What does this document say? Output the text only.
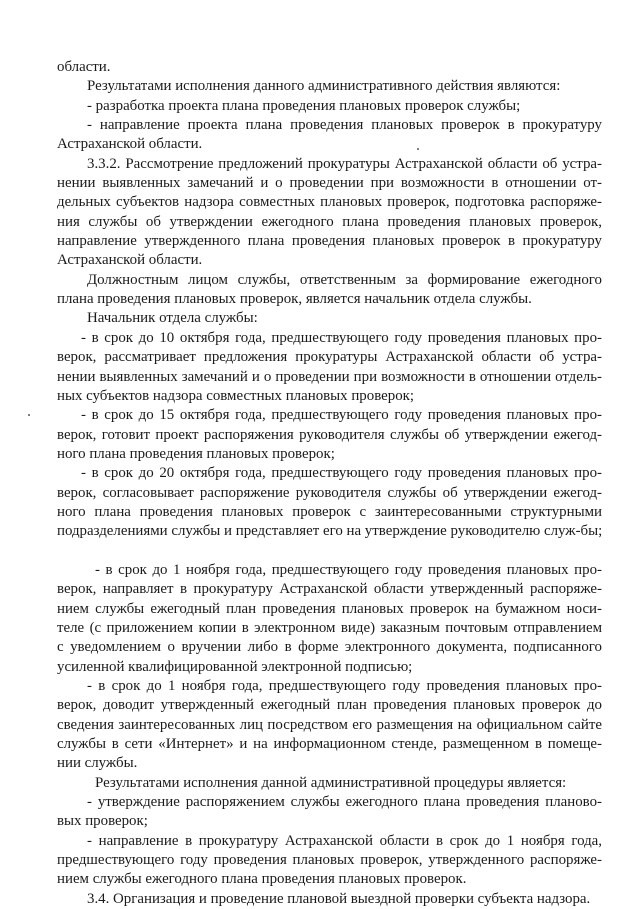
области.
Результатами исполнения данного административного действия являются:
- разработка проекта плана проведения плановых проверок службы;
- направление проекта плана проведения плановых проверок в прокуратуру
Астраханской области.
3.3.2. Рассмотрение предложений прокуратуры Астраханской области об устра-
нении выявленных замечаний и о проведении при возможности в отношении от-
дельных субъектов надзора совместных плановых проверок, подготовка распоряже-
ния службы об утверждении ежегодного плана проведения плановых проверок,
направление утвержденного плана проведения плановых проверок в прокуратуру
Астраханской области.
Должностным лицом службы, ответственным за формирование ежегодного
плана проведения плановых проверок, является начальник отдела службы.
Начальник отдела службы:
- в срок до 10 октября года, предшествующего году проведения плановых про-
верок, рассматривает предложения прокуратуры Астраханской области об устра-
нении выявленных замечаний и о проведении при возможности в отношении отдель-
ных субъектов надзора совместных плановых проверок;
- в срок до 15 октября года, предшествующего году проведения плановых про-
верок, готовит проект распоряжения руководителя службы об утверждении ежегод-
ного плана проведения плановых проверок;
- в срок до 20 октября года, предшествующего году проведения плановых про-
верок, согласовывает распоряжение руководителя службы об утверждении ежегод-
ного плана проведения плановых проверок с заинтересованными структурными
подразделениями службы и представляет его на утверждение руководителю служ-бы;
- в срок до 1 ноября года, предшествующего году проведения плановых про-
верок, направляет в прокуратуру Астраханской области утвержденный распоряже-
нием службы ежегодный план проведения плановых проверок на бумажном носи-
теле (с приложением копии в электронном виде) заказным почтовым отправлением
с уведомлением о вручении либо в форме электронного документа, подписанного
усиленной квалифицированной электронной подписью;
- в срок до 1 ноября года, предшествующего году проведения плановых про-
верок, доводит утвержденный ежегодный план проведения плановых проверок до
сведения заинтересованных лиц посредством его размещения на официальном сайте
службы в сети «Интернет» и на информационном стенде, размещенном в помеще-
нии службы.
Результатами исполнения данной административной процедуры является:
- утверждение распоряжением службы ежегодного плана проведения планово-
вых проверок;
- направление в прокуратуру Астраханской области в срок до 1 ноября года,
предшествующего году проведения плановых проверок, утвержденного распоряже-
нием службы ежегодного плана проведения плановых проверок.
3.4. Организация и проведение плановой выездной проверки субъекта надзора.
